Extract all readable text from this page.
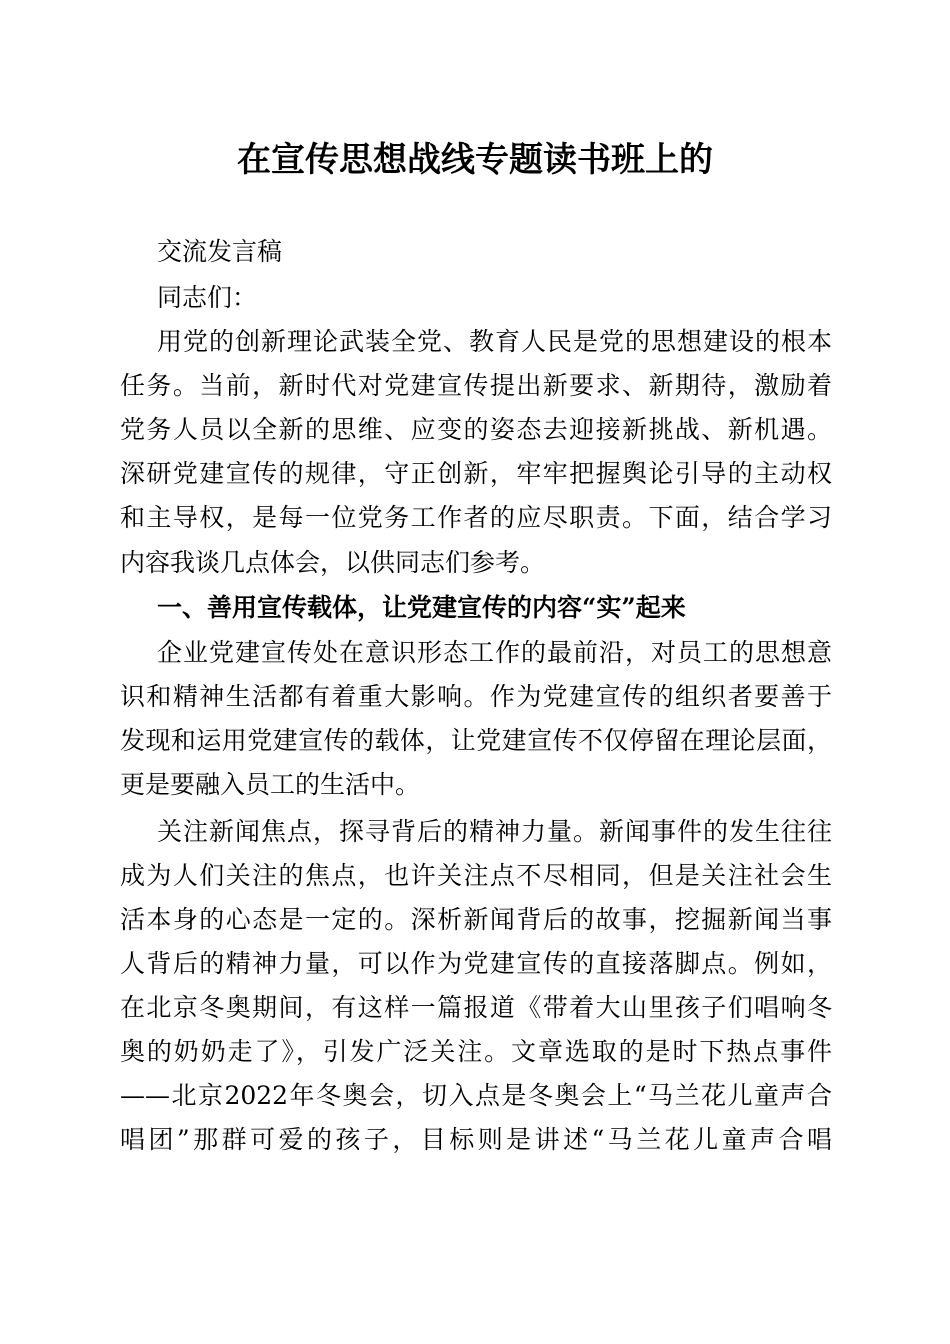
在宣传思想战线专题读书班上的

交流发言稿

同志们：

用党的创新理论武装全党、教育人民是党的思想建设的根本

任务。当前，新时代对党建宣传提出新要求、新期待，激励着

党务人员以全新的思维、应变的姿态去迎接新挑战、新机遇。

深研党建宣传的规律，守正创新，牢牢把握舆论引导的主动权

和主导权，是每一位党务工作者的应尽职责。下面，结合学习

内容我谈几点体会，以供同志们参考。

一、善用宣传载体，让党建宣传的内容“实”起来

企业党建宣传处在意识形态工作的最前沿，对员工的思想意

识和精神生活都有着重大影响。作为党建宣传的组织者要善于

发现和运用党建宣传的载体，让党建宣传不仅停留在理论层面，

更是要融入员工的生活中。

关注新闻焦点，探寻背后的精神力量。新闻事件的发生往往

成为人们关注的焦点，也许关注点不尽相同，但是关注社会生

活本身的心态是一定的。深析新闻背后的故事，挖掘新闻当事

人背后的精神力量，可以作为党建宣传的直接落脚点。例如，

在北京冬奥期间，有这样一篇报道《带着大山里孩子们唱响冬

奥的奶奶走了》，引发广泛关注。文章选取的是时下热点事件

——北京2022年冬奥会，切入点是冬奥会上“马兰花儿童声合

唱团”那群可爱的孩子，目标则是讲述“马兰花儿童声合唱
